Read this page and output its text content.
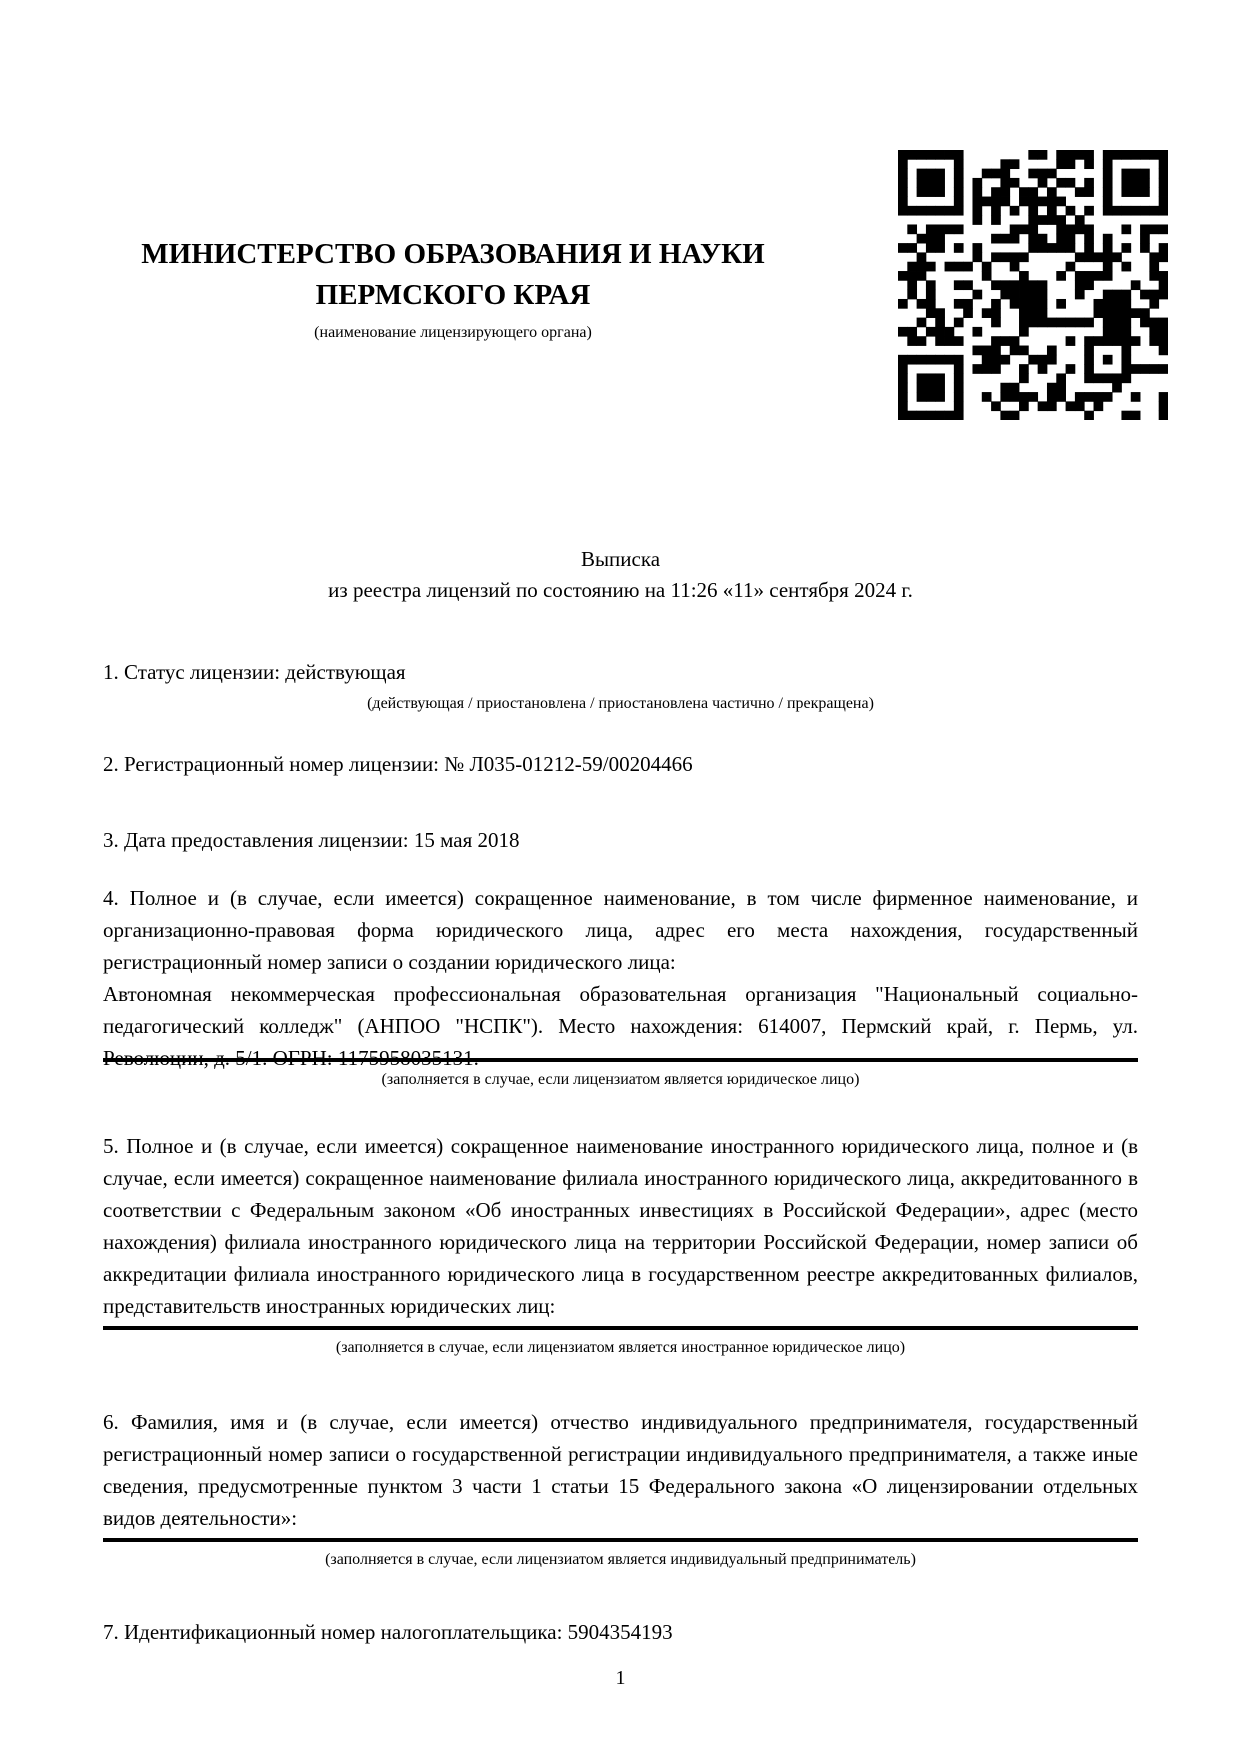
МИНИСТЕРСТВО ОБРАЗОВАНИЯ И НАУКИ
ПЕРМСКОГО КРАЯ
(наименование лицензирующего органа)
Выписка
из реестра лицензий по состоянию на 11:26 «11» сентября 2024 г.
1. Статус лицензии: действующая
(действующая / приостановлена / приостановлена частично / прекращена)
2. Регистрационный номер лицензии: № Л035-01212-59/00204466
3. Дата предоставления лицензии: 15 мая 2018

4. Полное и (в случае, если имеется) сокращенное наименование, в том числе фирменное наименование, и организационно-правовая форма юридического лица, адрес его места нахождения, государственный регистрационный номер записи о создании юридического лица:

Автономная некоммерческая профессиональная образовательная организация "Национальный социально-педагогический колледж" (АНПОО "НСПК"). Место нахождения: 614007, Пермский край, г. Пермь, ул. Революции, д. 5/1. ОГРН: 1175958035131.

(заполняется в случае, если лицензиатом является юридическое лицо)

5. Полное и (в случае, если имеется) сокращенное наименование иностранного юридического лица, полное и (в случае, если имеется) сокращенное наименование филиала иностранного юридического лица, аккредитованного в соответствии с Федеральным законом «Об иностранных инвестициях в Российской Федерации», адрес (место нахождения) филиала иностранного юридического лица на территории Российской Федерации, номер записи об аккредитации филиала иностранного юридического лица в государственном реестре аккредитованных филиалов, представительств иностранных юридических лиц:

(заполняется в случае, если лицензиатом является иностранное юридическое лицо)

6. Фамилия, имя и (в случае, если имеется) отчество индивидуального предпринимателя, государственный регистрационный номер записи о государственной регистрации индивидуального предпринимателя, а также иные сведения, предусмотренные пунктом 3 части 1 статьи 15 Федерального закона «О лицензировании отдельных видов деятельности»:

(заполняется в случае, если лицензиатом является индивидуальный предприниматель)
7. Идентификационный номер налогоплательщика: 5904354193
1
